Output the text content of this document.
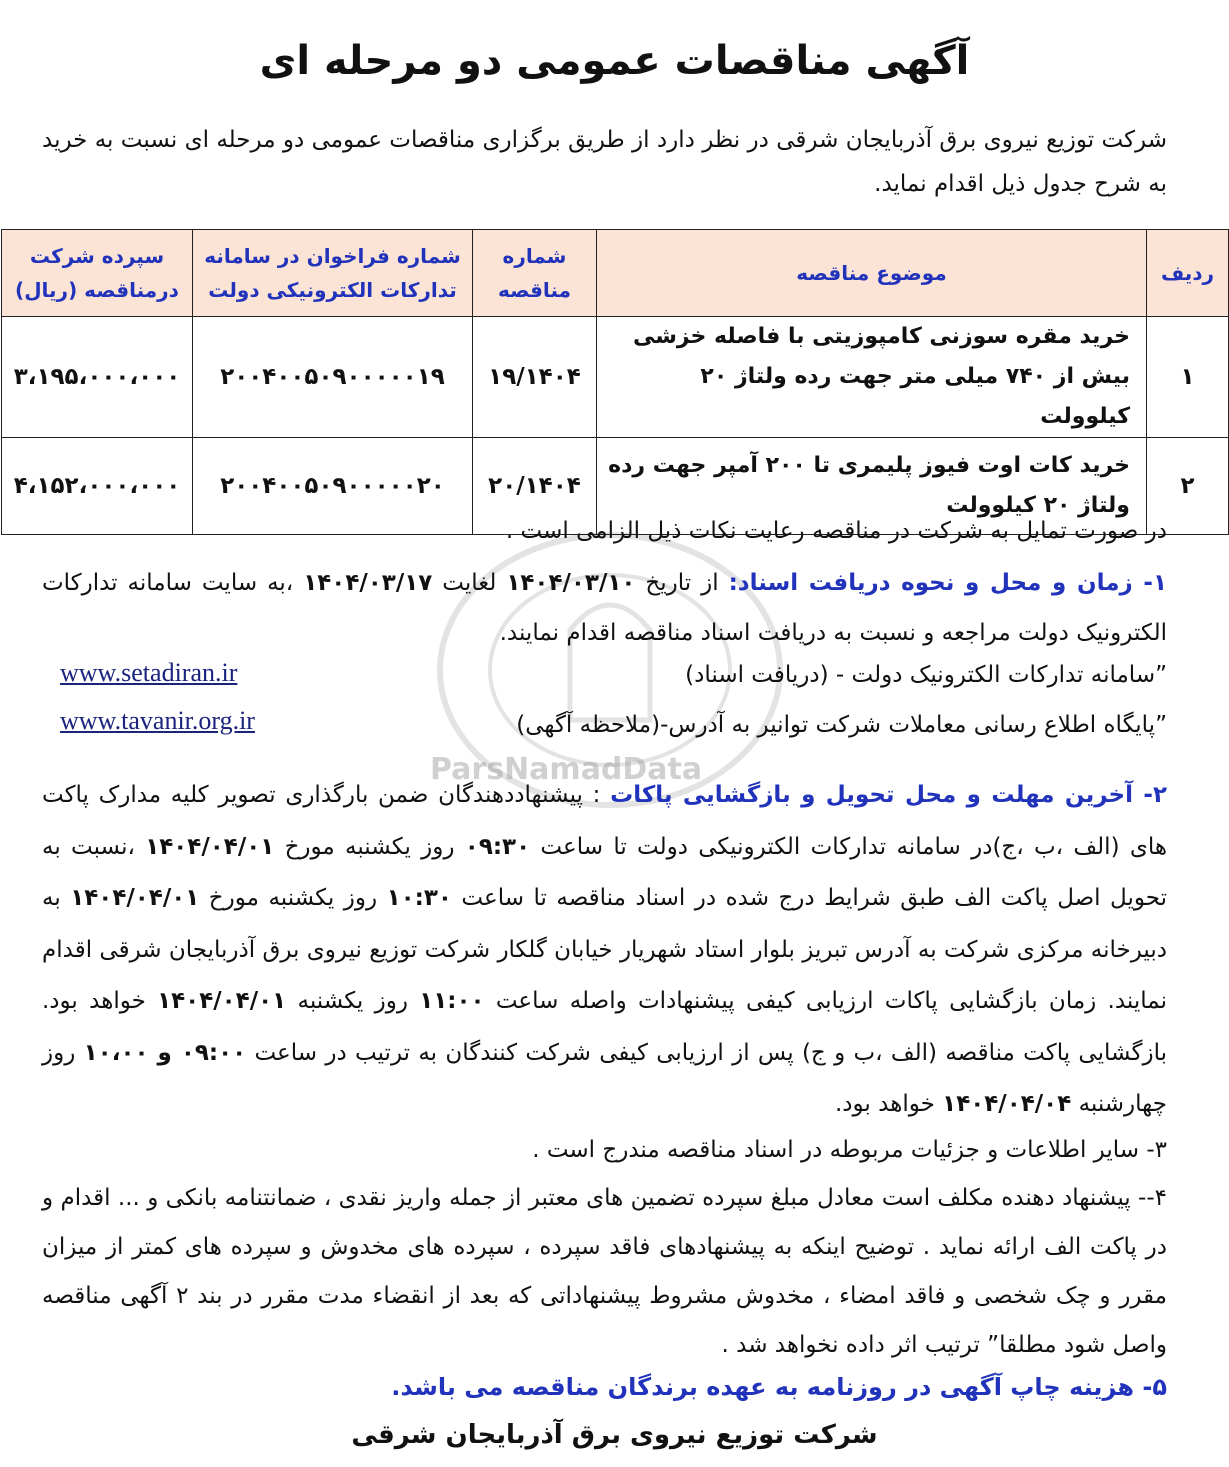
ParsNamadData
آگهی مناقصات عمومی دو مرحله ای
شرکت توزیع نیروی برق آذربایجان شرقی در نظر دارد از طریق برگزاری مناقصات عمومی دو مرحله ای نسبت به خرید به شرح جدول ذیل اقدام نماید.
ردیف	موضوع مناقصه	شماره مناقصه	شماره فراخوان در سامانه تدارکات الکترونیکی دولت	سپرده شرکت درمناقصه (ریال)
۱	خرید مقره سوزنی کامپوزیتی با فاصله خزشی بیش از ۷۴۰ میلی متر جهت رده ولتاژ ۲۰ کیلوولت	۱۹/۱۴۰۴	۲۰۰۴۰۰۵۰۹۰۰۰۰۰۱۹	۳،۱۹۵،۰۰۰،۰۰۰
۲	خرید کات اوت فیوز پلیمری تا ۲۰۰ آمپر جهت رده ولتاژ ۲۰ کیلوولت	۲۰/۱۴۰۴	۲۰۰۴۰۰۵۰۹۰۰۰۰۰۲۰	۴،۱۵۲،۰۰۰،۰۰۰
در صورت تمایل به شرکت در مناقصه رعایت نکات ذیل الزامی است .
۱- زمان و محل و نحوه دریافت اسناد: از تاریخ ۱۴۰۴/۰۳/۱۰ لغایت ۱۴۰۴/۰۳/۱۷ ،به سایت سامانه تدارکات الکترونیک دولت مراجعه و نسبت به دریافت اسناد مناقصه اقدام نمایند.
”سامانه تدارکات الکترونیک دولت - (دریافت اسناد)
www.setadiran.ir
”پایگاه اطلاع رسانی معاملات شرکت توانیر به آدرس-(ملاحظه آگهی)
www.tavanir.org.ir
۲- آخرین مهلت و محل تحویل و بازگشایی پاکات : پیشنهاددهندگان ضمن بارگذاری تصویر کلیه مدارک پاکت های (الف ،ب ،ج)در سامانه تدارکات الکترونیکی دولت تا ساعت ۰۹:۳۰ روز یکشنبه مورخ ۱۴۰۴/۰۴/۰۱ ،نسبت به تحویل اصل پاکت الف طبق شرایط درج شده در اسناد مناقصه تا ساعت ۱۰:۳۰ روز یکشنبه مورخ ۱۴۰۴/۰۴/۰۱ به دبیرخانه مرکزی شرکت به آدرس تبریز بلوار استاد شهریار خیابان گلکار شرکت توزیع نیروی برق آذربایجان شرقی اقدام نمایند. زمان بازگشایی پاکات ارزیابی کیفی پیشنهادات واصله ساعت ۱۱:۰۰ روز یکشنبه ۱۴۰۴/۰۴/۰۱ خواهد بود. بازگشایی پاکت مناقصه (الف ،ب و ج) پس از ارزیابی کیفی شرکت کنندگان به ترتیب در ساعت ۰۹:۰۰ و ۱۰،۰۰ روز چهارشنبه ۱۴۰۴/۰۴/۰۴ خواهد بود.
۳- سایر اطلاعات و جزئیات مربوطه در اسناد مناقصه مندرج است .
۴-- پیشنهاد دهنده مکلف است معادل مبلغ سپرده تضمین های معتبر از جمله واریز نقدی ، ضمانتنامه بانکی و ... اقدام و در پاکت الف ارائه نماید . توضیح اینکه به پیشنهادهای فاقد سپرده ، سپرده های مخدوش و سپرده های کمتر از میزان مقرر و چک شخصی و فاقد امضاء ، مخدوش مشروط پیشنهاداتی که بعد از انقضاء مدت مقرر در بند ۲ آگهی مناقصه واصل شود مطلقا” ترتیب اثر داده نخواهد شد .
۵- هزینه چاپ آگهی در روزنامه به عهده برندگان مناقصه می باشد.
شرکت توزیع نیروی برق آذربایجان شرقی
